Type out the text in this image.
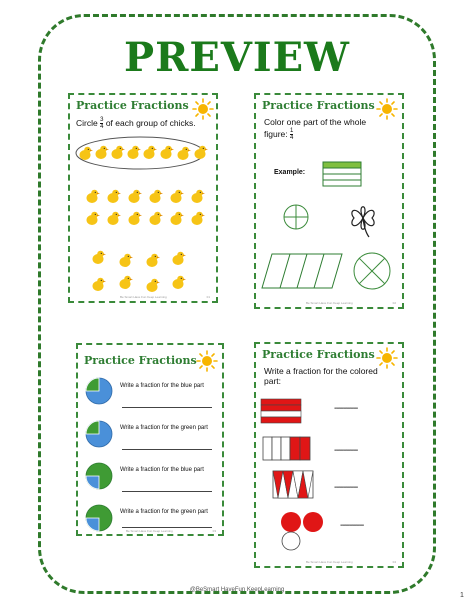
PREVIEW
Practice Fractions
Circle $\frac{3}{4}$ of each group of chicks.
Be Smart Have Fun Keep Learning	01
Practice Fractions
Color one part of the whole
figure: $\frac{1}{4}$
Example:
Be Smart Have Fun Keep Learning	02
Practice Fractions
Write a fraction for the blue part
Write a fraction for the green part
Write a fraction for the blue part
Write a fraction for the green part
Be Smart Have Fun Keep Learning	03
Practice Fractions
Write a fraction for the colored
part:
----------
----------
----------
----------
Be Smart Have Fun Keep Learning	04
@BeSmart HaveFun KeepLearning
1
